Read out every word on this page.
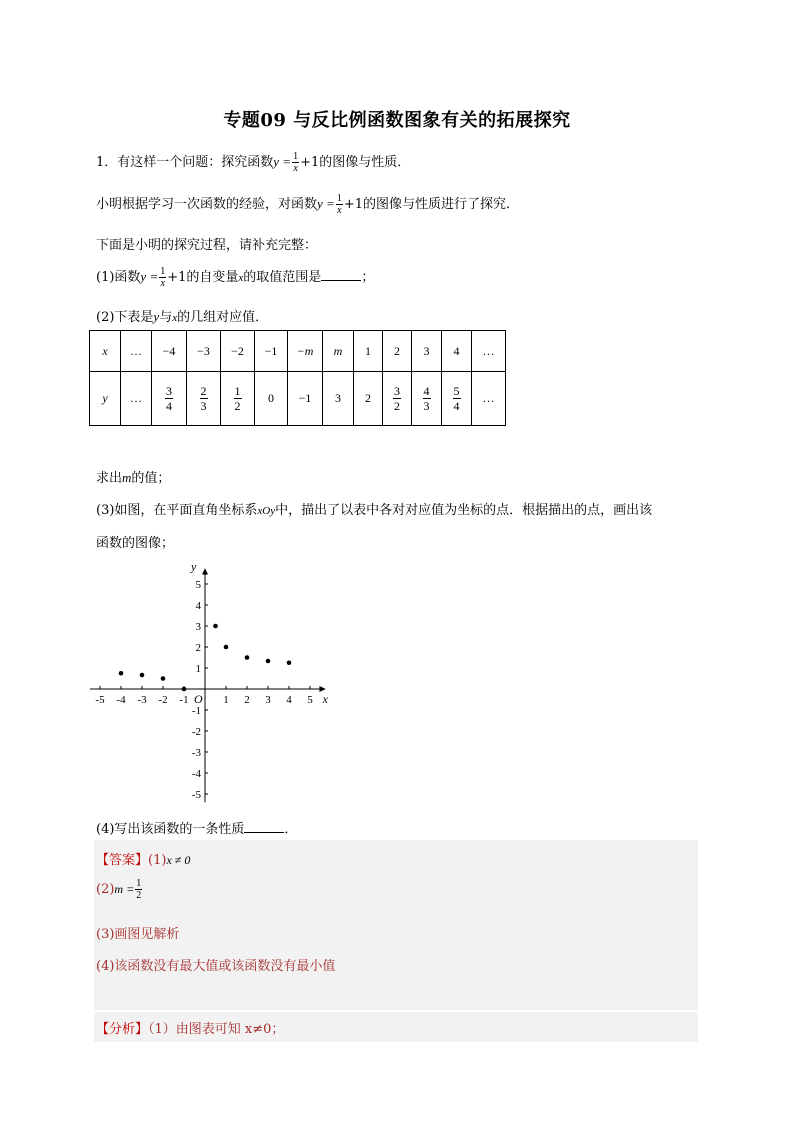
专题09 与反比例函数图象有关的拓展探究
1．有这样一个问题：探究函数$y = \frac{1}{x} +1$的图像与性质．
小明根据学习一次函数的经验，对函数$y = \frac{1}{x} +1$的图像与性质进行了探究．
下面是小明的探究过程，请补充完整：
(1)函数$y = \frac{1}{x} +1$的自变量x的取值范围是	；
(2)下表是y与x的几组对应值．
x	…	−4	−3	−2	−1	−m	m	1	2	3	4	…
y	…	$\frac{3}{4}$	$\frac{2}{3}$	$\frac{1}{2}$	0	−1	3	2	$\frac{3}{2}$	$\frac{4}{3}$	$\frac{5}{4}$	…
求出m的值；
(3)如图，在平面直角坐标系xOy中，描出了以表中各对对应值为坐标的点．根据描出的点，画出该
函数的图像；
x
y
O
-5 -4 -3 -2 -1	1 2 3 4 5
5
4
3
2
1
-1
-2
-3
-4
-5
(4)写出该函数的一条性质	．
【答案】(1)x ≠ 0
$(2)m = \frac{1}{2}$
(3)画图见解析
(4)该函数没有最大值或该函数没有最小值
【分析】（1）由图表可知 x≠0；
